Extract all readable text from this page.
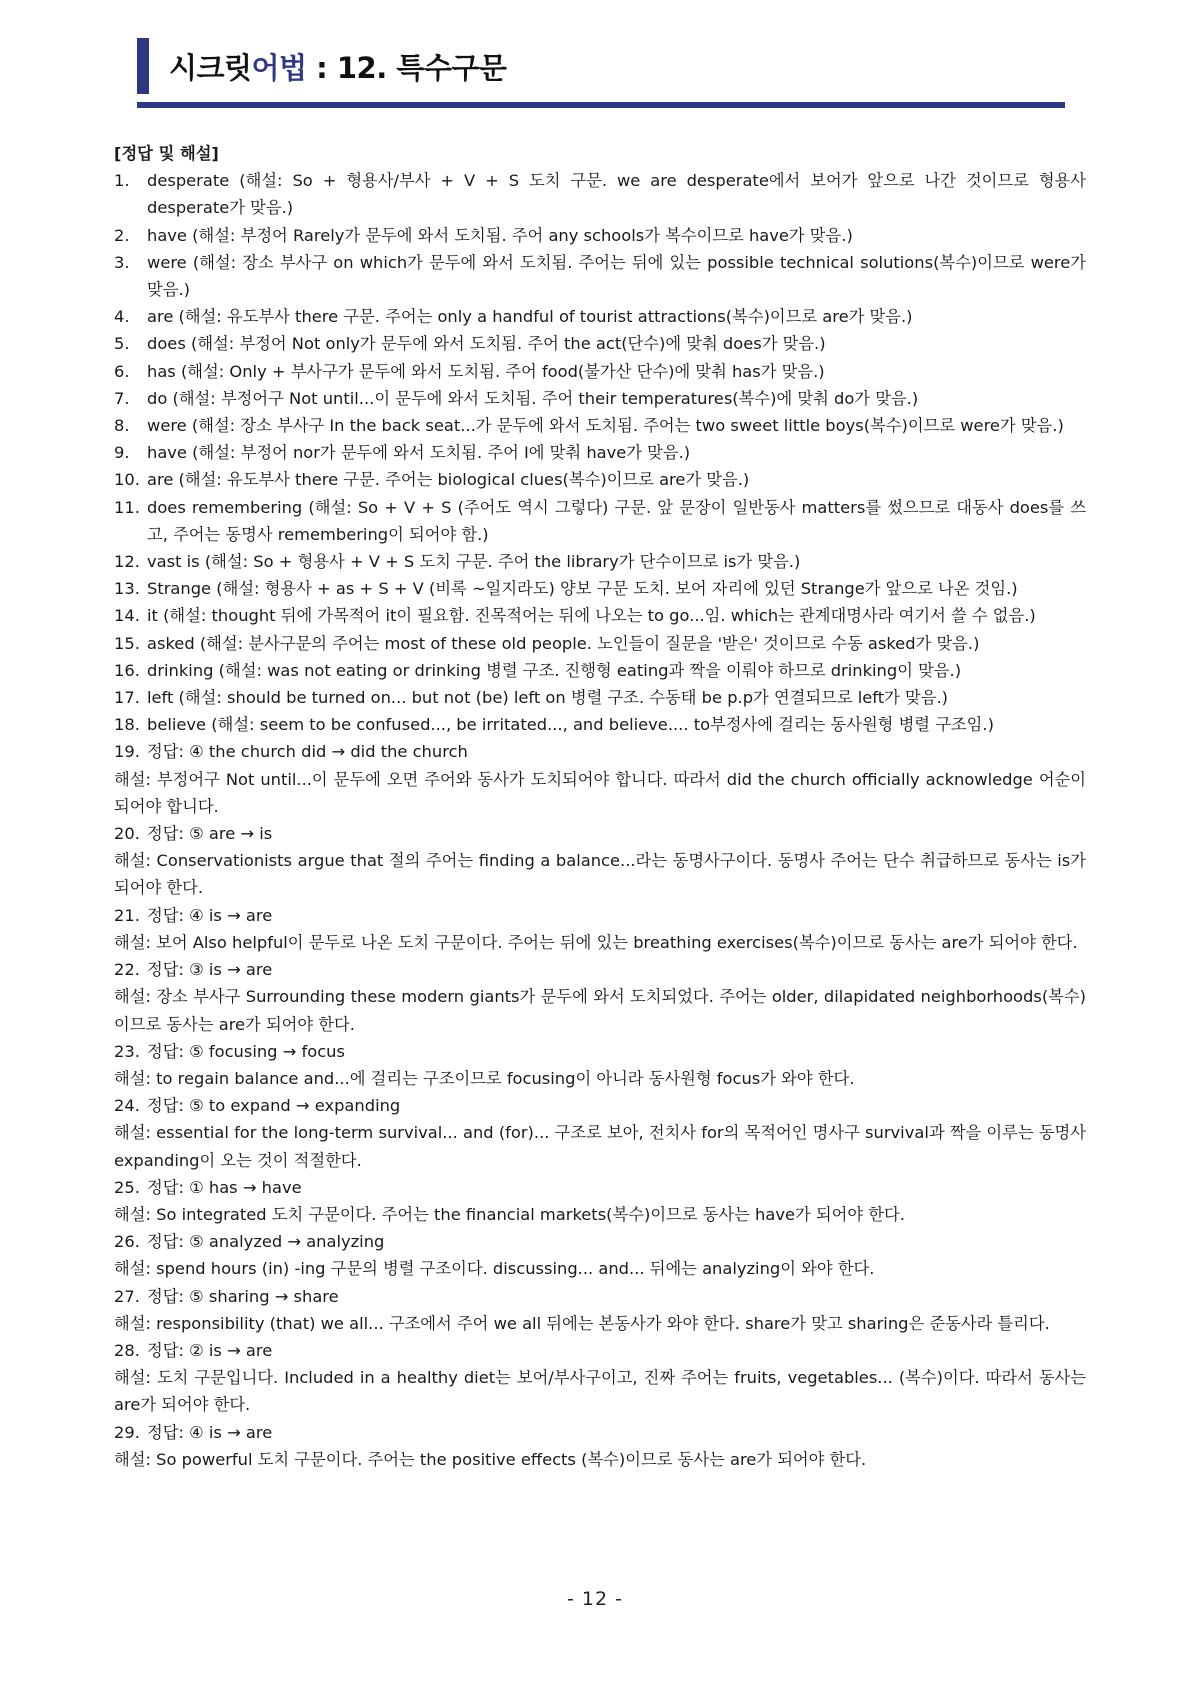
시크릿어법 : 12. 특수구문
[정답 및 해설]
1. desperate (해설: So + 형용사/부사 + V + S 도치 구문. we are desperate에서 보어가 앞으로 나간 것이므로 형용사 desperate가 맞음.)
2. have (해설: 부정어 Rarely가 문두에 와서 도치됨. 주어 any schools가 복수이므로 have가 맞음.)
3. were (해설: 장소 부사구 on which가 문두에 와서 도치됨. 주어는 뒤에 있는 possible technical solutions(복수)이므로 were가 맞음.)
4. are (해설: 유도부사 there 구문. 주어는 only a handful of tourist attractions(복수)이므로 are가 맞음.)
5. does (해설: 부정어 Not only가 문두에 와서 도치됨. 주어 the act(단수)에 맞춰 does가 맞음.)
6. has (해설: Only + 부사구가 문두에 와서 도치됨. 주어 food(불가산 단수)에 맞춰 has가 맞음.)
7. do (해설: 부정어구 Not until...이 문두에 와서 도치됨. 주어 their temperatures(복수)에 맞춰 do가 맞음.)
8. were (해설: 장소 부사구 In the back seat...가 문두에 와서 도치됨. 주어는 two sweet little boys(복수)이므로 were가 맞음.)
9. have (해설: 부정어 nor가 문두에 와서 도치됨. 주어 I에 맞춰 have가 맞음.)
10. are (해설: 유도부사 there 구문. 주어는 biological clues(복수)이므로 are가 맞음.)
11. does remembering (해설: So + V + S (주어도 역시 그렇다) 구문. 앞 문장이 일반동사 matters를 썼으므로 대동사 does를 쓰고, 주어는 동명사 remembering이 되어야 함.)
12. vast is (해설: So + 형용사 + V + S 도치 구문. 주어 the library가 단수이므로 is가 맞음.)
13. Strange (해설: 형용사 + as + S + V (비록 ~일지라도) 양보 구문 도치. 보어 자리에 있던 Strange가 앞으로 나온 것임.)
14. it (해설: thought 뒤에 가목적어 it이 필요함. 진목적어는 뒤에 나오는 to go...임. which는 관계대명사라 여기서 쓸 수 없음.)
15. asked (해설: 분사구문의 주어는 most of these old people. 노인들이 질문을 '받은' 것이므로 수동 asked가 맞음.)
16. drinking (해설: was not eating or drinking 병렬 구조. 진행형 eating과 짝을 이뤄야 하므로 drinking이 맞음.)
17. left (해설: should be turned on... but not (be) left on 병렬 구조. 수동태 be p.p가 연결되므로 left가 맞음.)
18. believe (해설: seem to be confused..., be irritated..., and believe.... to부정사에 걸리는 동사원형 병렬 구조임.)
19. 정답: ④ the church did → did the church
해설: 부정어구 Not until...이 문두에 오면 주어와 동사가 도치되어야 합니다. 따라서 did the church officially acknowledge 어순이 되어야 합니다.
20. 정답: ⑤ are → is
해설: Conservationists argue that 절의 주어는 finding a balance...라는 동명사구이다. 동명사 주어는 단수 취급하므로 동사는 is가 되어야 한다.
21. 정답: ④ is → are
해설: 보어 Also helpful이 문두로 나온 도치 구문이다. 주어는 뒤에 있는 breathing exercises(복수)이므로 동사는 are가 되어야 한다.
22. 정답: ③ is → are
해설: 장소 부사구 Surrounding these modern giants가 문두에 와서 도치되었다. 주어는 older, dilapidated neighborhoods(복수)이므로 동사는 are가 되어야 한다.
23. 정답: ⑤ focusing → focus
해설: to regain balance and...에 걸리는 구조이므로 focusing이 아니라 동사원형 focus가 와야 한다.
24. 정답: ⑤ to expand → expanding
해설: essential for the long-term survival... and (for)... 구조로 보아, 전치사 for의 목적어인 명사구 survival과 짝을 이루는 동명사 expanding이 오는 것이 적절한다.
25. 정답: ① has → have
해설: So integrated 도치 구문이다. 주어는 the financial markets(복수)이므로 동사는 have가 되어야 한다.
26. 정답: ⑤ analyzed → analyzing
해설: spend hours (in) -ing 구문의 병렬 구조이다. discussing... and... 뒤에는 analyzing이 와야 한다.
27. 정답: ⑤ sharing → share
해설: responsibility (that) we all... 구조에서 주어 we all 뒤에는 본동사가 와야 한다. share가 맞고 sharing은 준동사라 틀리다.
28. 정답: ② is → are
해설: 도치 구문입니다. Included in a healthy diet는 보어/부사구이고, 진짜 주어는 fruits, vegetables... (복수)이다. 따라서 동사는 are가 되어야 한다.
29. 정답: ④ is → are
해설: So powerful 도치 구문이다. 주어는 the positive effects (복수)이므로 동사는 are가 되어야 한다.
- 12 -
